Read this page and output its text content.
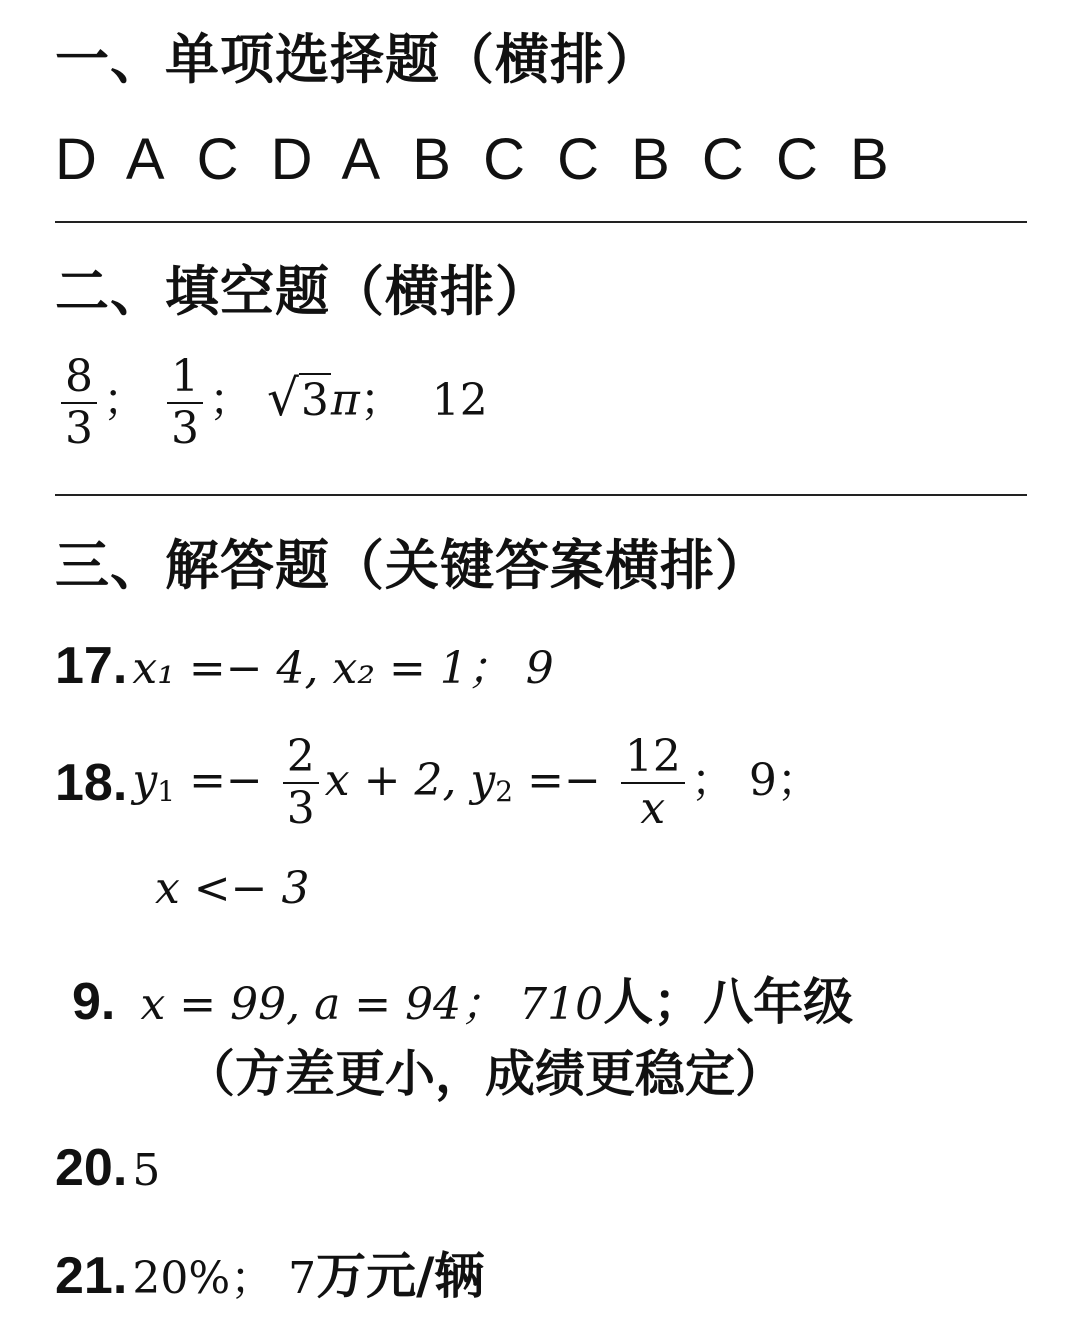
一、单项选择题（横排）
D A C D A B C C B C C B
二、填空题（横排）
$\frac{8}{3}$ ； $\frac{1}{3}$ ； √3π； 12
三、解答题（关键答案横排）
17. x₁ =− 4, x₂ = 1； 9
18. $y_1 =- \frac{2}{3}$ x + 2, $y_2 =- \frac{12}{x}$ ； 9；
x <− 3
9. x = 99, a = 94； 710人；八年级
（方差更小，成绩更稳定）
20. 5
21. 20%； 7万元/辆
